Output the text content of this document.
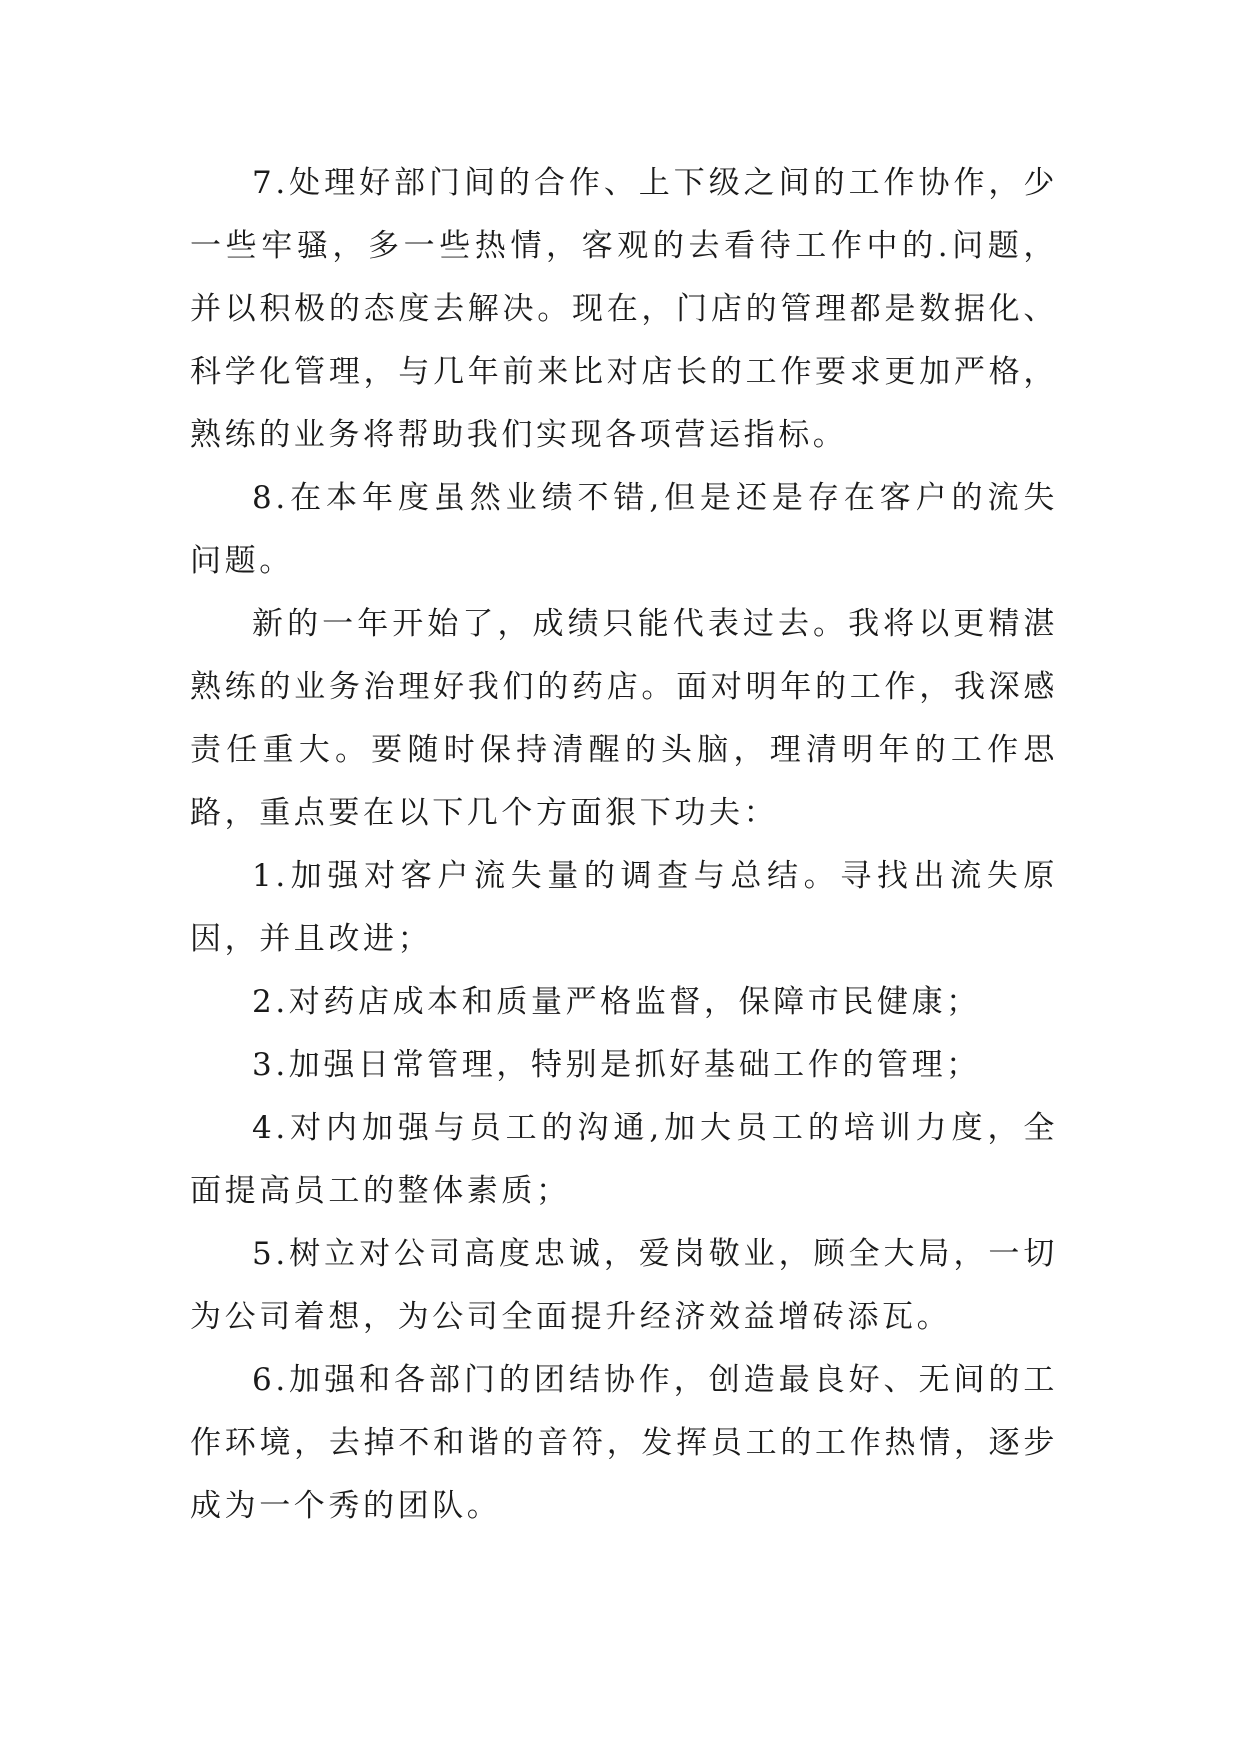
7.处理好部门间的合作、上下级之间的工作协作，少一些牢骚，多一些热情，客观的去看待工作中的.问题，并以积极的态度去解决。现在，门店的管理都是数据化、科学化管理，与几年前来比对店长的工作要求更加严格，熟练的业务将帮助我们实现各项营运指标。

8.在本年度虽然业绩不错,但是还是存在客户的流失问题。

新的一年开始了，成绩只能代表过去。我将以更精湛熟练的业务治理好我们的药店。面对明年的工作，我深感责任重大。要随时保持清醒的头脑，理清明年的工作思路，重点要在以下几个方面狠下功夫：

1.加强对客户流失量的调查与总结。寻找出流失原因，并且改进；

2.对药店成本和质量严格监督，保障市民健康；

3.加强日常管理，特别是抓好基础工作的管理；

4.对内加强与员工的沟通,加大员工的培训力度，全面提高员工的整体素质；

5.树立对公司高度忠诚，爱岗敬业，顾全大局，一切为公司着想，为公司全面提升经济效益增砖添瓦。

6.加强和各部门的团结协作，创造最良好、无间的工作环境，去掉不和谐的音符，发挥员工的工作热情，逐步成为一个秀的团队。
